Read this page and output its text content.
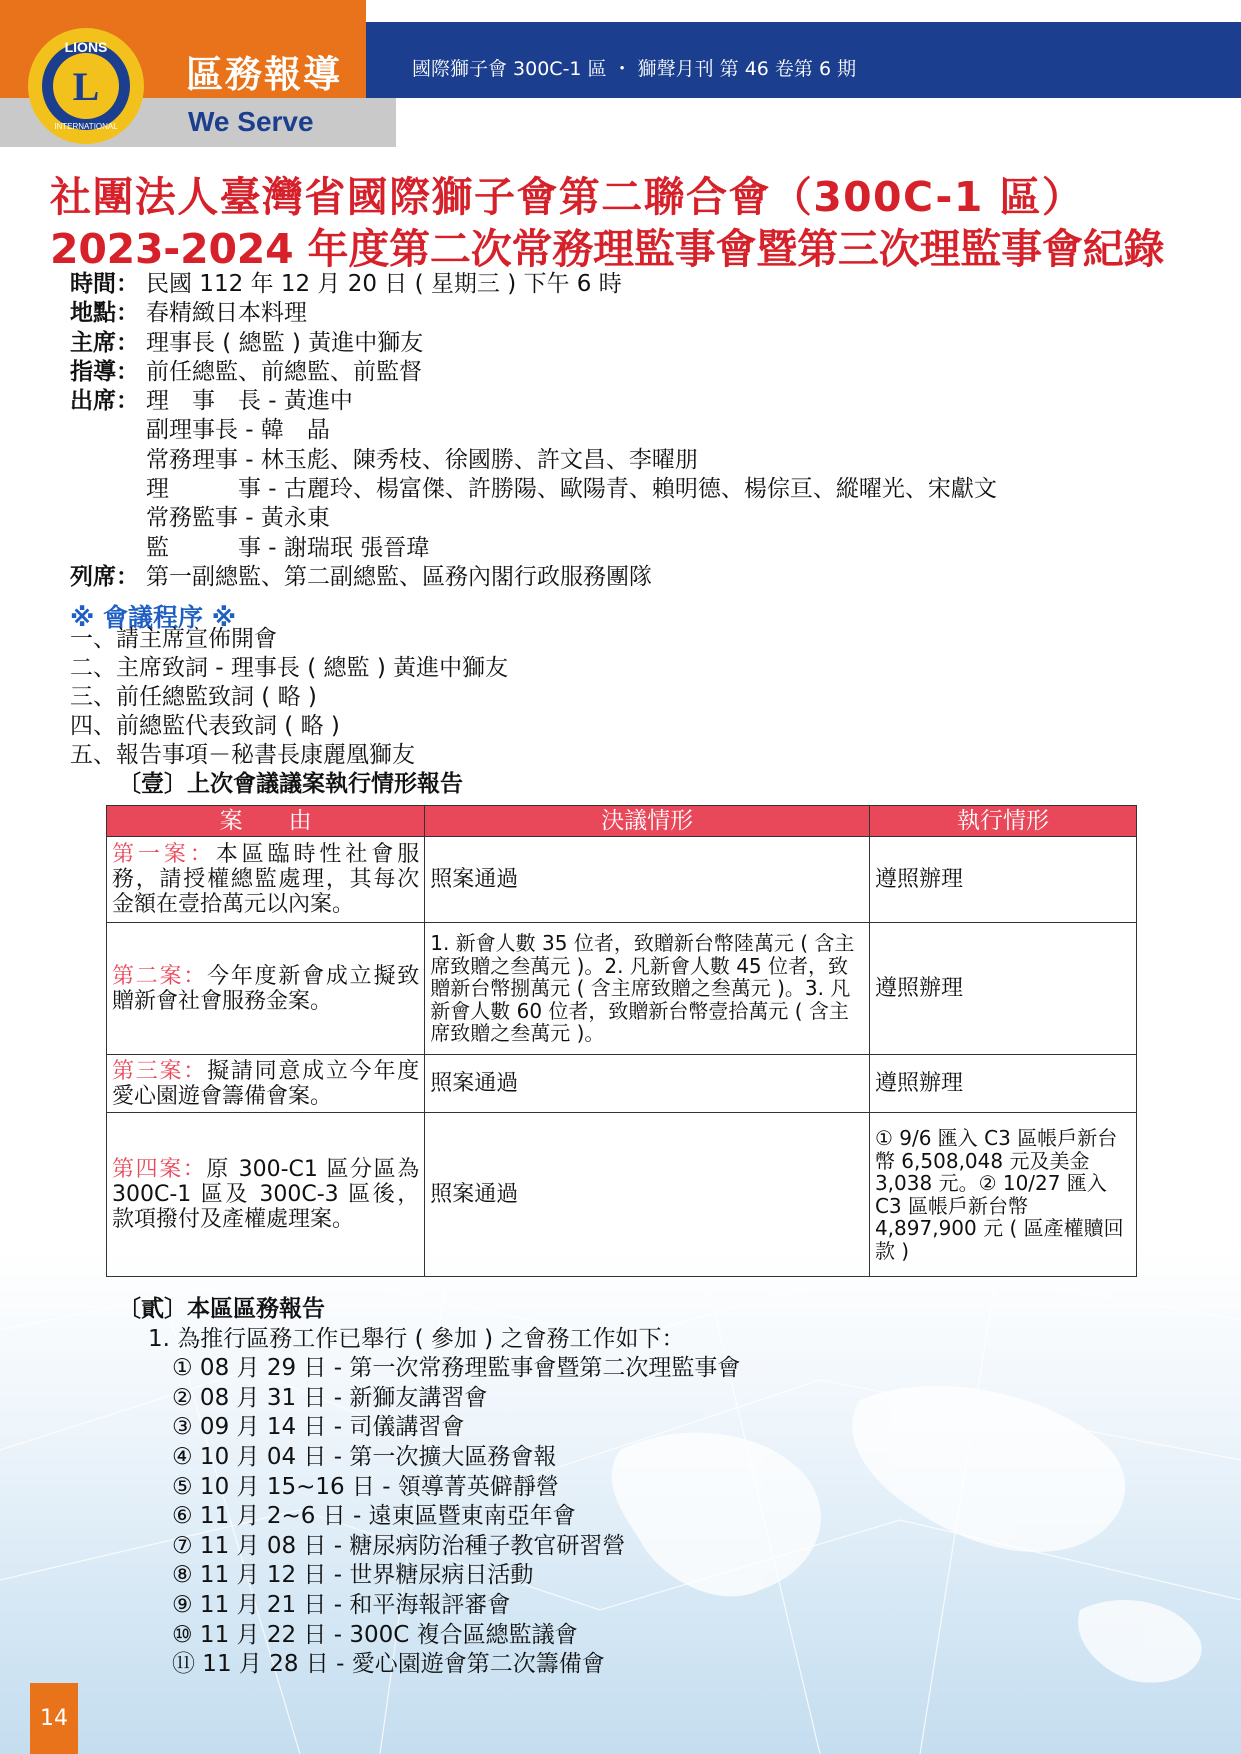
L
LIONS
INTERNATIONAL
區務報導
We Serve
國際獅子會 300C-1 區 ・ 獅聲月刊 第 46 卷第 6 期
社團法人臺灣省國際獅子會第二聯合會（300C-1 區）
2023-2024 年度第二次常務理監事會暨第三次理監事會紀錄
時間： 民國 112 年 12 月 20 日 ( 星期三 ) 下午 6 時
地點： 春精緻日本料理
主席： 理事長 ( 總監 ) 黃進中獅友
指導： 前任總監、前總監、前監督
出席： 理　事　長 - 黃進中
副理事長 - 韓　晶
常務理事 - 林玉彪、陳秀枝、徐國勝、許文昌、李曜朋
理　　　事 - 古麗玲、楊富傑、許勝陽、歐陽青、賴明德、楊倧亘、縱曜光、宋獻文
常務監事 - 黃永東
監　　　事 - 謝瑞珉 張晉瑋
列席： 第一副總監、第二副總監、區務內閣行政服務團隊
※ 會議程序 ※
一、請主席宣佈開會
二、主席致詞 - 理事長 ( 總監 ) 黃進中獅友
三、前任總監致詞 ( 略 )
四、前總監代表致詞 ( 略 )
五、報告事項－秘書長康麗凰獅友
〔壹〕上次會議議案執行情形報告
案　　由	決議情形	執行情形
第一案：本區臨時性社會服務，請授權總監處理，其每次金額在壹拾萬元以內案。	照案通過	遵照辦理
第二案：今年度新會成立擬致贈新會社會服務金案。	1. 新會人數 35 位者，致贈新台幣陸萬元 ( 含主席致贈之叁萬元 )。2. 凡新會人數 45 位者，致贈新台幣捌萬元 ( 含主席致贈之叁萬元 )。3. 凡新會人數 60 位者，致贈新台幣壹拾萬元 ( 含主席致贈之叁萬元 )。	遵照辦理
第三案：擬請同意成立今年度愛心園遊會籌備會案。	照案通過	遵照辦理
第四案：原 300-C1 區分區為 300C-1 區及 300C-3 區後，款項撥付及產權處理案。	照案通過	① 9/6 匯入 C3 區帳戶新台幣 6,508,048 元及美金 3,038 元。② 10/27 匯入 C3 區帳戶新台幣 4,897,900 元 ( 區產權贖回款 )
〔貳〕本區區務報告
1. 為推行區務工作已舉行 ( 參加 ) 之會務工作如下：
① 08 月 29 日 - 第一次常務理監事會暨第二次理監事會
② 08 月 31 日 - 新獅友講習會
③ 09 月 14 日 - 司儀講習會
④ 10 月 04 日 - 第一次擴大區務會報
⑤ 10 月 15~16 日 - 領導菁英僻靜營
⑥ 11 月 2~6 日 - 遠東區暨東南亞年會
⑦ 11 月 08 日 - 糖尿病防治種子教官研習營
⑧ 11 月 12 日 - 世界糖尿病日活動
⑨ 11 月 21 日 - 和平海報評審會
⑩ 11 月 22 日 - 300C 複合區總監議會
⑪ 11 月 28 日 - 愛心園遊會第二次籌備會
14
